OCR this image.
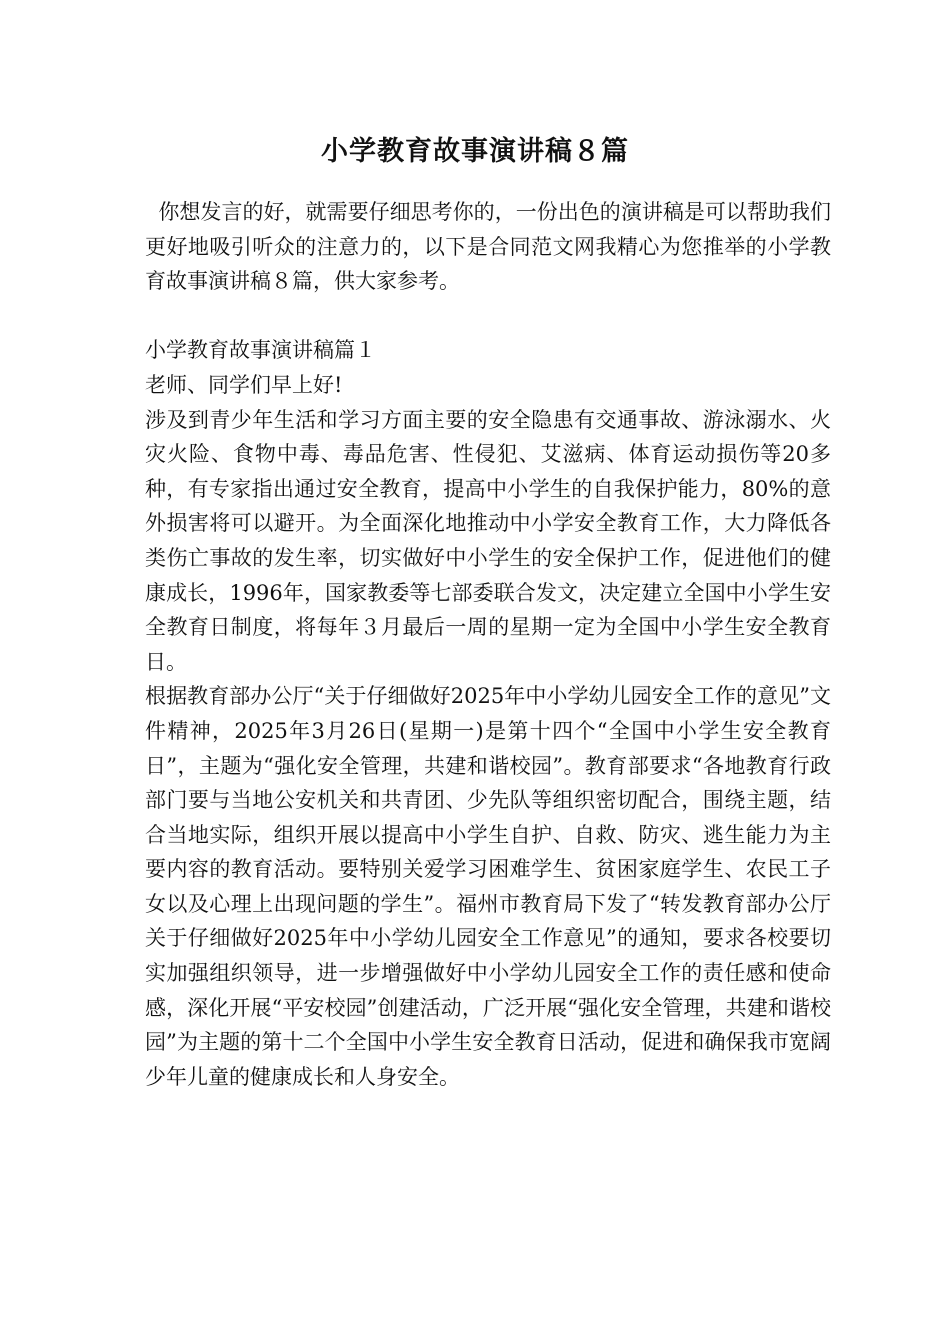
小学教育故事演讲稿８篇

你想发言的好，就需要仔细思考你的，一份出色的演讲稿是可以帮助我们更好地吸引听众的注意力的，以下是合同范文网我精心为您推举的小学教育故事演讲稿８篇，供大家参考。

小学教育故事演讲稿篇１

老师、同学们早上好!

涉及到青少年生活和学习方面主要的安全隐患有交通事故、游泳溺水、火灾火险、食物中毒、毒品危害、性侵犯、艾滋病、体育运动损伤等20多种，有专家指出通过安全教育，提高中小学生的自我保护能力，80%的意外损害将可以避开。为全面深化地推动中小学安全教育工作，大力降低各类伤亡事故的发生率，切实做好中小学生的安全保护工作，促进他们的健康成长，1996年，国家教委等七部委联合发文，决定建立全国中小学生安全教育日制度，将每年３月最后一周的星期一定为全国中小学生安全教育日。

根据教育部办公厅“关于仔细做好2025年中小学幼儿园安全工作的意见”文件精神，2025年3月26日(星期一)是第十四个“全国中小学生安全教育日”，主题为“强化安全管理，共建和谐校园”。教育部要求“各地教育行政部门要与当地公安机关和共青团、少先队等组织密切配合，围绕主题，结合当地实际，组织开展以提高中小学生自护、自救、防灾、逃生能力为主要内容的教育活动。要特别关爱学习困难学生、贫困家庭学生、农民工子女以及心理上出现问题的学生”。福州市教育局下发了“转发教育部办公厅关于仔细做好2025年中小学幼儿园安全工作意见”的通知，要求各校要切实加强组织领导，进一步增强做好中小学幼儿园安全工作的责任感和使命感，深化开展“平安校园”创建活动，广泛开展“强化安全管理，共建和谐校园”为主题的第十二个全国中小学生安全教育日活动，促进和确保我市宽阔少年儿童的健康成长和人身安全。
